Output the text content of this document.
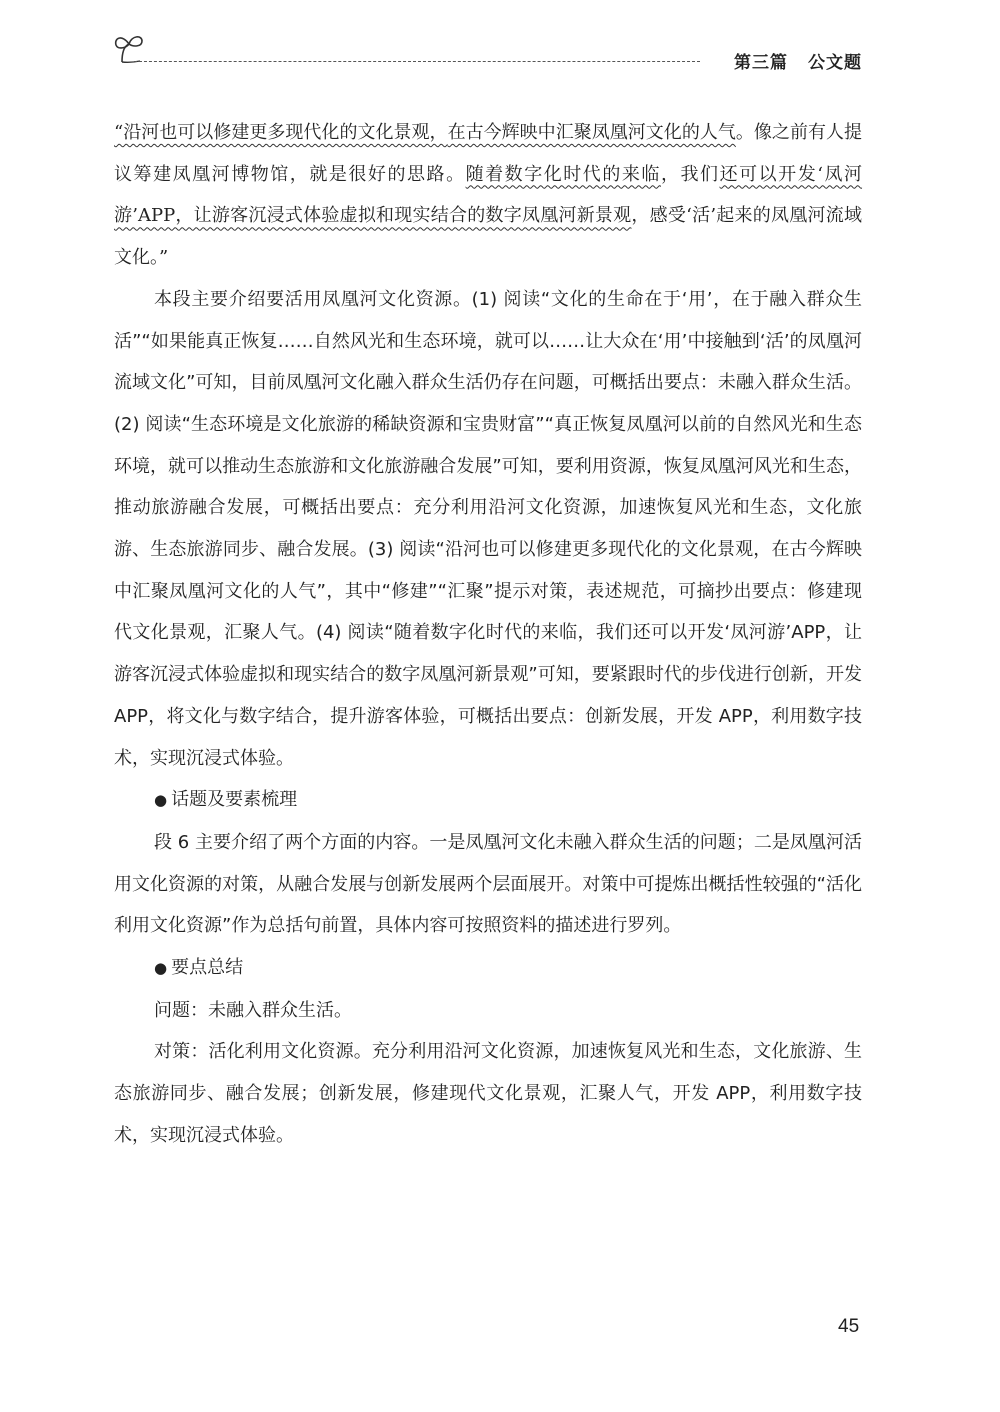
第三篇 公文题

“沿河也可以修建更多现代化的文化景观，在古今辉映中汇聚凤凰河文化的人气。像之前有人提议筹建凤凰河博物馆，就是很好的思路。随着数字化时代的来临，我们还可以开发‘凤河游’APP，让游客沉浸式体验虚拟和现实结合的数字凤凰河新景观，感受‘活’起来的凤凰河流域文化。”

本段主要介绍要活用凤凰河文化资源。(1) 阅读“文化的生命在于‘用’，在于融入群众生活”“如果能真正恢复……自然风光和生态环境，就可以……让大众在‘用’中接触到‘活’的凤凰河流域文化”可知，目前凤凰河文化融入群众生活仍存在问题，可概括出要点：未融入群众生活。(2) 阅读“生态环境是文化旅游的稀缺资源和宝贵财富”“真正恢复凤凰河以前的自然风光和生态环境，就可以推动生态旅游和文化旅游融合发展”可知，要利用资源，恢复凤凰河风光和生态，推动旅游融合发展，可概括出要点：充分利用沿河文化资源，加速恢复风光和生态，文化旅游、生态旅游同步、融合发展。(3) 阅读“沿河也可以修建更多现代化的文化景观，在古今辉映中汇聚凤凰河文化的人气”，其中“修建”“汇聚”提示对策，表述规范，可摘抄出要点：修建现代文化景观，汇聚人气。(4) 阅读“随着数字化时代的来临，我们还可以开发‘凤河游’APP，让游客沉浸式体验虚拟和现实结合的数字凤凰河新景观”可知，要紧跟时代的步伐进行创新，开发 APP，将文化与数字结合，提升游客体验，可概括出要点：创新发展，开发 APP，利用数字技术，实现沉浸式体验。

● 话题及要素梳理

段 6 主要介绍了两个方面的内容。一是凤凰河文化未融入群众生活的问题；二是凤凰河活用文化资源的对策，从融合发展与创新发展两个层面展开。对策中可提炼出概括性较强的“活化利用文化资源”作为总括句前置，具体内容可按照资料的描述进行罗列。

● 要点总结

问题：未融入群众生活。

对策：活化利用文化资源。充分利用沿河文化资源，加速恢复风光和生态，文化旅游、生态旅游同步、融合发展；创新发展，修建现代文化景观，汇聚人气，开发 APP，利用数字技术，实现沉浸式体验。

45
